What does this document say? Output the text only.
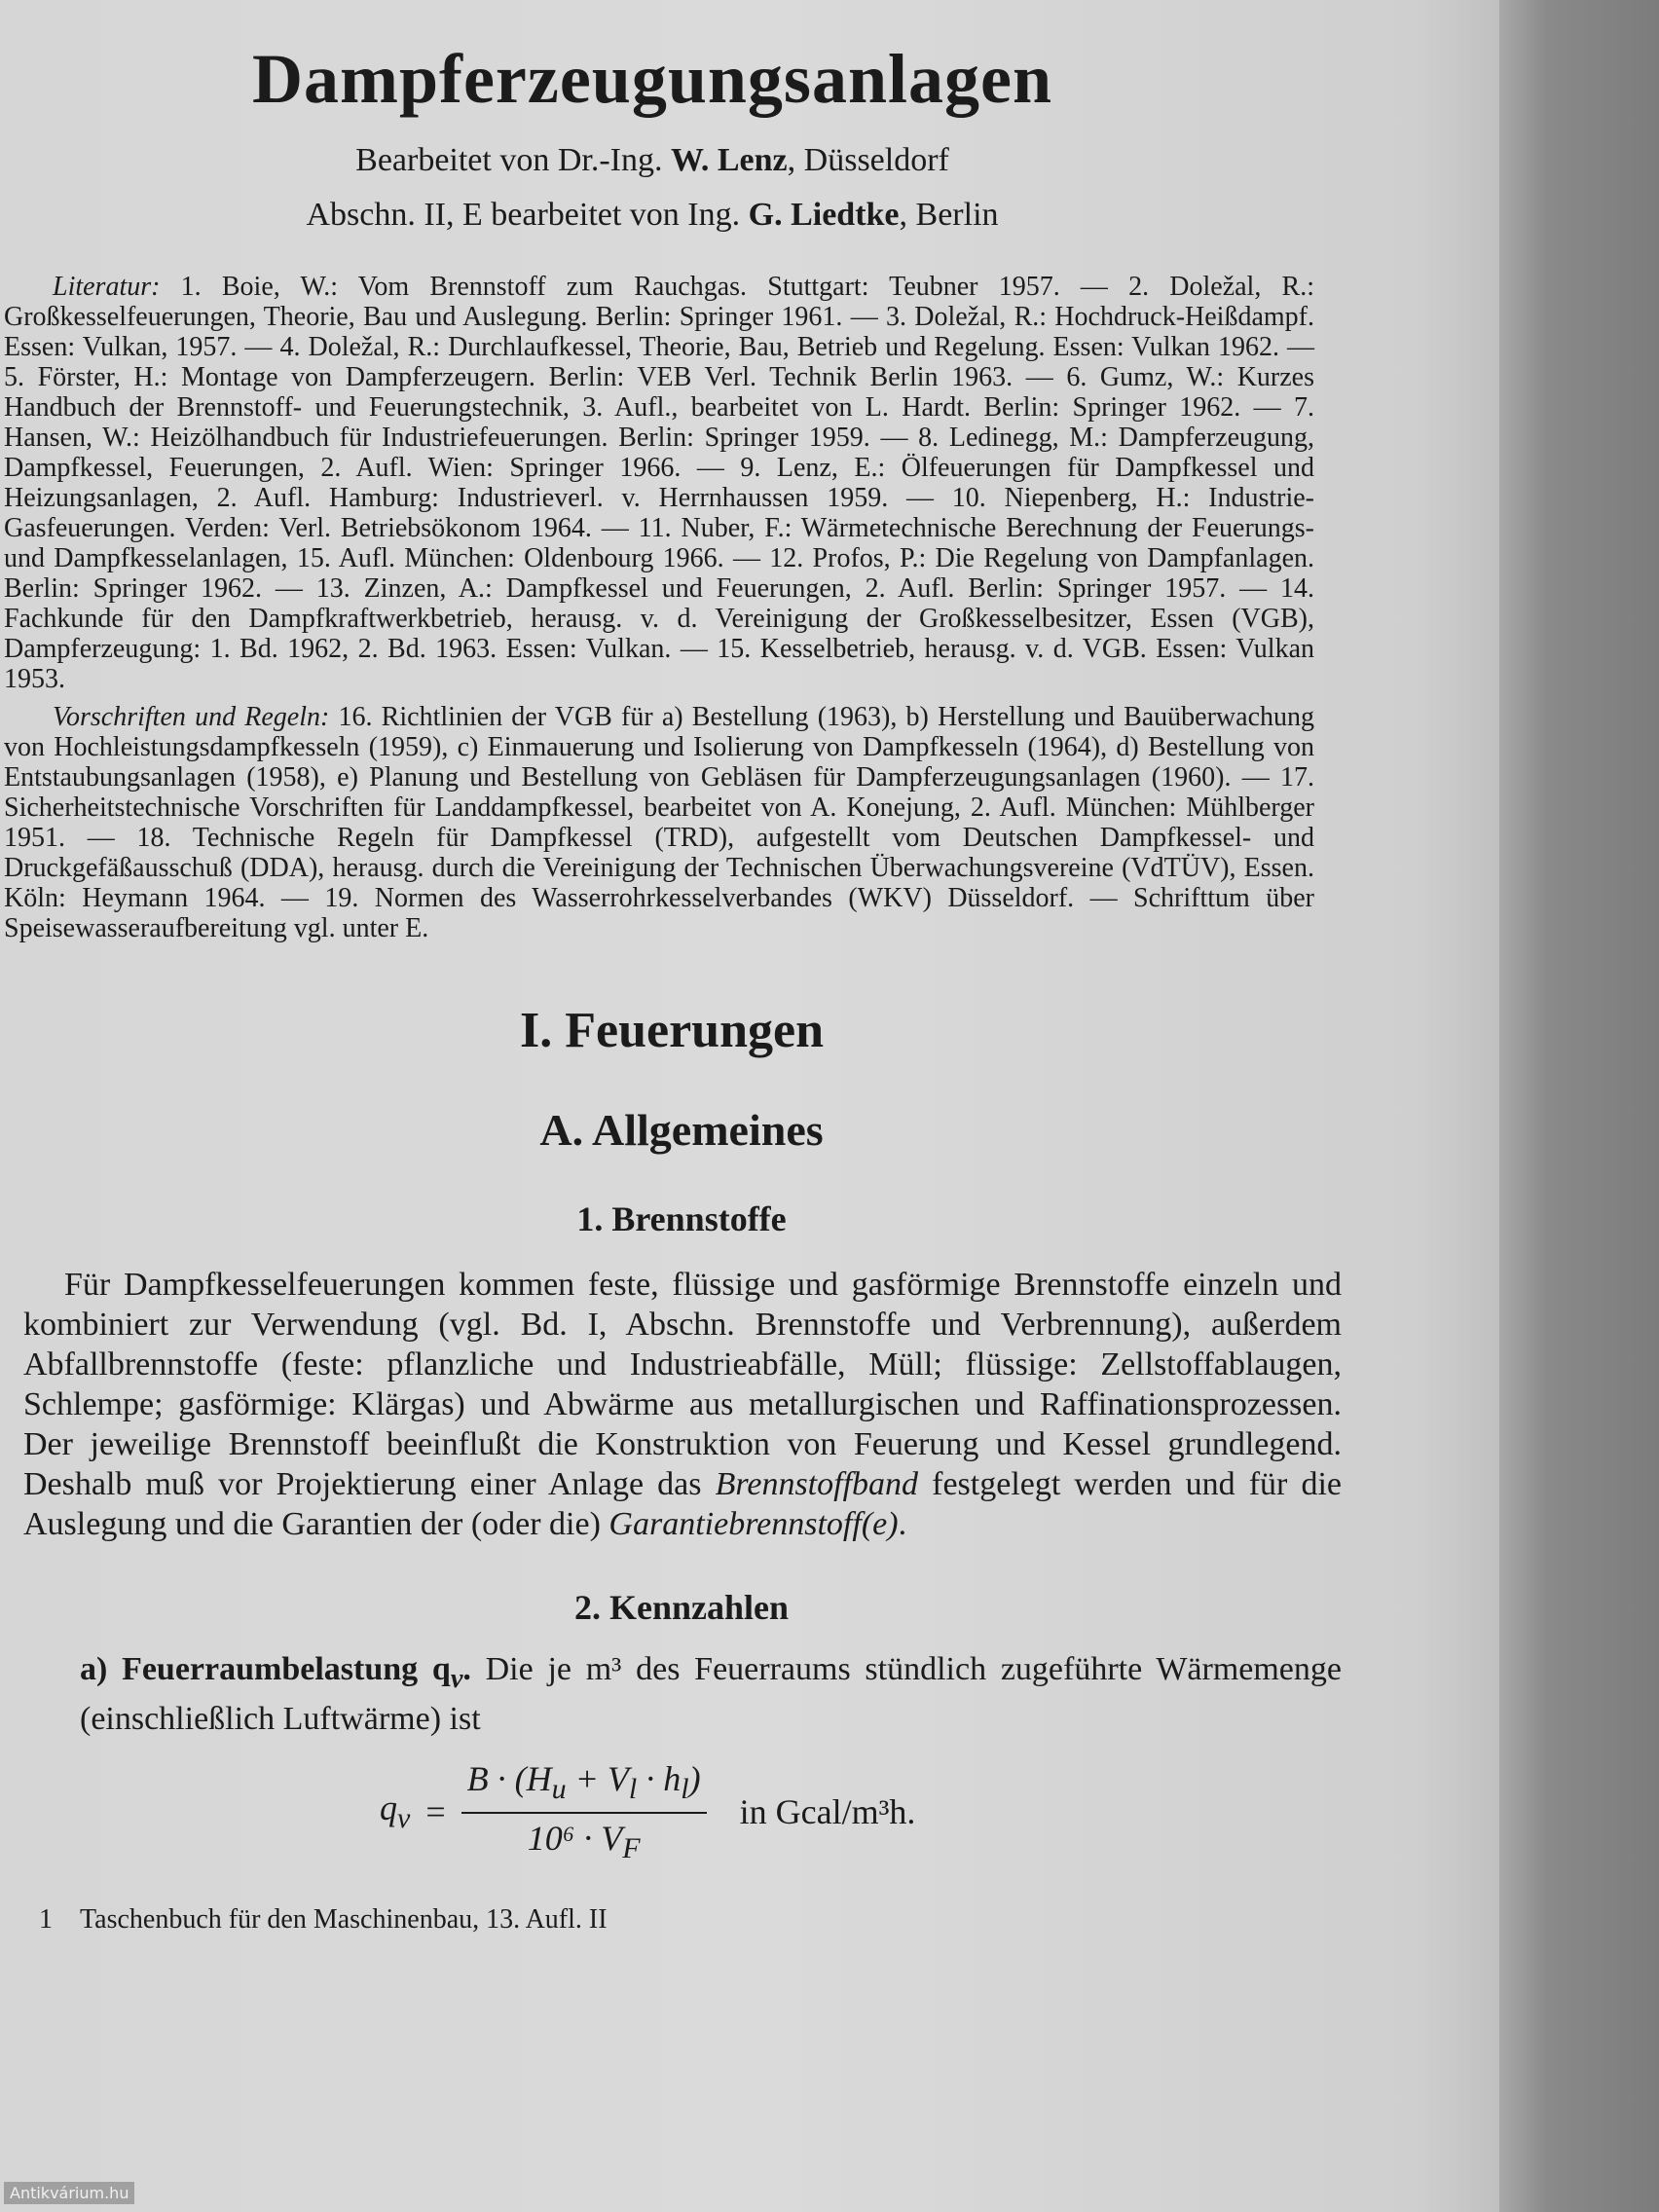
Dampferzeugungsanlagen

Bearbeitet von Dr.-Ing. W. Lenz, Düsseldorf

Abschn. II, E bearbeitet von Ing. G. Liedtke, Berlin

Literatur: 1. Boie, W.: Vom Brennstoff zum Rauchgas. Stuttgart: Teubner 1957. — 2. Doležal, R.: Großkesselfeuerungen, Theorie, Bau und Auslegung. Berlin: Springer 1961. — 3. Doležal, R.: Hochdruck-Heißdampf. Essen: Vulkan, 1957. — 4. Doležal, R.: Durchlaufkessel, Theorie, Bau, Betrieb und Regelung. Essen: Vulkan 1962. — 5. Förster, H.: Montage von Dampferzeugern. Berlin: VEB Verl. Technik Berlin 1963. — 6. Gumz, W.: Kurzes Handbuch der Brennstoff- und Feuerungstechnik, 3. Aufl., bearbeitet von L. Hardt. Berlin: Springer 1962. — 7. Hansen, W.: Heizölhandbuch für Industriefeuerungen. Berlin: Springer 1959. — 8. Ledinegg, M.: Dampferzeugung, Dampfkessel, Feuerungen, 2. Aufl. Wien: Springer 1966. — 9. Lenz, E.: Ölfeuerungen für Dampfkessel und Heizungsanlagen, 2. Aufl. Hamburg: Industrieverl. v. Herrnhaussen 1959. — 10. Niepenberg, H.: Industrie-Gasfeuerungen. Verden: Verl. Betriebsökonom 1964. — 11. Nuber, F.: Wärmetechnische Berechnung der Feuerungs- und Dampfkesselanlagen, 15. Aufl. München: Oldenbourg 1966. — 12. Profos, P.: Die Regelung von Dampfanlagen. Berlin: Springer 1962. — 13. Zinzen, A.: Dampfkessel und Feuerungen, 2. Aufl. Berlin: Springer 1957. — 14. Fachkunde für den Dampfkraftwerkbetrieb, herausg. v. d. Vereinigung der Großkesselbesitzer, Essen (VGB), Dampferzeugung: 1. Bd. 1962, 2. Bd. 1963. Essen: Vulkan. — 15. Kesselbetrieb, herausg. v. d. VGB. Essen: Vulkan 1953.

Vorschriften und Regeln: 16. Richtlinien der VGB für a) Bestellung (1963), b) Herstellung und Bauüberwachung von Hochleistungsdampfkesseln (1959), c) Einmauerung und Isolierung von Dampfkesseln (1964), d) Bestellung von Entstaubungsanlagen (1958), e) Planung und Bestellung von Gebläsen für Dampferzeugungsanlagen (1960). — 17. Sicherheitstechnische Vorschriften für Landdampfkessel, bearbeitet von A. Konejung, 2. Aufl. München: Mühlberger 1951. — 18. Technische Regeln für Dampfkessel (TRD), aufgestellt vom Deutschen Dampfkessel- und Druckgefäßausschuß (DDA), herausg. durch die Vereinigung der Technischen Überwachungsvereine (VdTÜV), Essen. Köln: Heymann 1964. — 19. Normen des Wasserrohrkesselverbandes (WKV) Düsseldorf. — Schrifttum über Speisewasseraufbereitung vgl. unter E.

I. Feuerungen
A. Allgemeines
1. Brennstoffe

Für Dampfkesselfeuerungen kommen feste, flüssige und gasförmige Brennstoffe einzeln und kombiniert zur Verwendung (vgl. Bd. I, Abschn. Brennstoffe und Verbrennung), außerdem Abfallbrennstoffe (feste: pflanzliche und Industrieabfälle, Müll; flüssige: Zellstoffablaugen, Schlempe; gasförmige: Klärgas) und Abwärme aus metallurgischen und Raffinationsprozessen. Der jeweilige Brennstoff beeinflußt die Konstruktion von Feuerung und Kessel grundlegend. Deshalb muß vor Projektierung einer Anlage das Brennstoffband festgelegt werden und für die Auslegung und die Garantien der (oder die) Garantiebrennstoff(e).

2. Kennzahlen

a) Feuerraumbelastung $q_v$. Die je m³ des Feuerraums stündlich zugeführte Wärmemenge (einschließlich Luftwärme) ist

$q_v = \frac{B \cdot (H_u + V_l \cdot h_l)}{10^6 \cdot V_F}$ in Gcal/m³h.
1 Taschenbuch für den Maschinenbau, 13. Aufl. II
Antikvárium.hu
